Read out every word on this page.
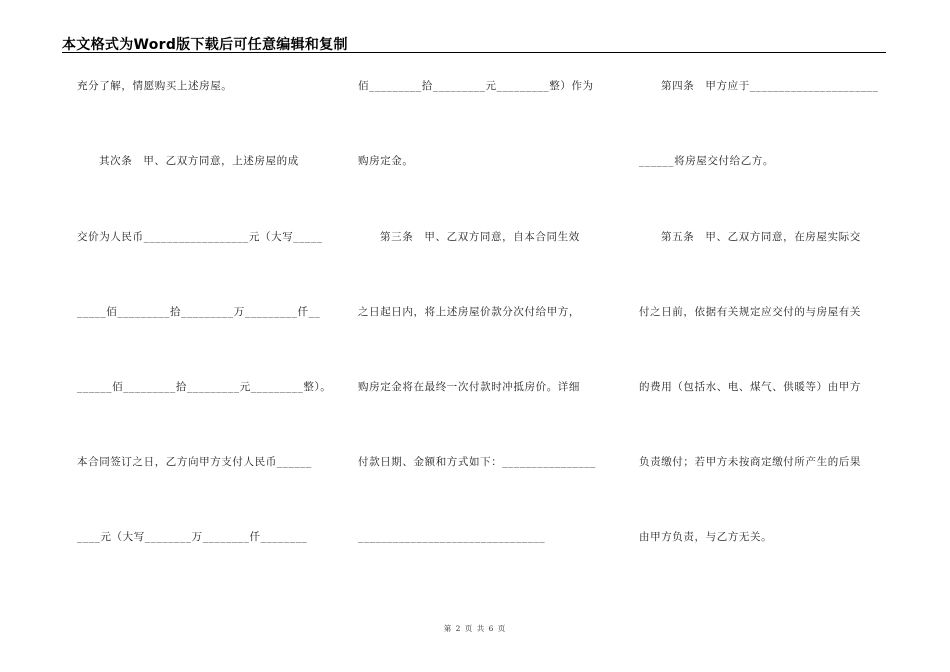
本文格式为Word版下载后可任意编辑和复制
充分了解，情愿购买上述房屋。
其次条　甲、乙双方同意，上述房屋的成
交价为人民币__________________元（大写_____
_____佰_________拾_________万_________仟__
______佰_________拾_________元_________整）。
本合同签订之日，乙方向甲方支付人民币______
____元（大写________万________仟________
佰_________拾_________元_________整）作为
购房定金。
第三条　甲、乙双方同意，自本合同生效
之日起日内，将上述房屋价款分次付给甲方，
购房定金将在最终一次付款时冲抵房价。详细
付款日期、金额和方式如下：________________
________________________________
第四条　甲方应于______________________
______将房屋交付给乙方。
第五条　甲、乙双方同意，在房屋实际交
付之日前，依据有关规定应交付的与房屋有关
的费用（包括水、电、煤气、供暖等）由甲方
负责缴付；若甲方未按商定缴付所产生的后果
由甲方负责，与乙方无关。
第 2 页 共 6 页
